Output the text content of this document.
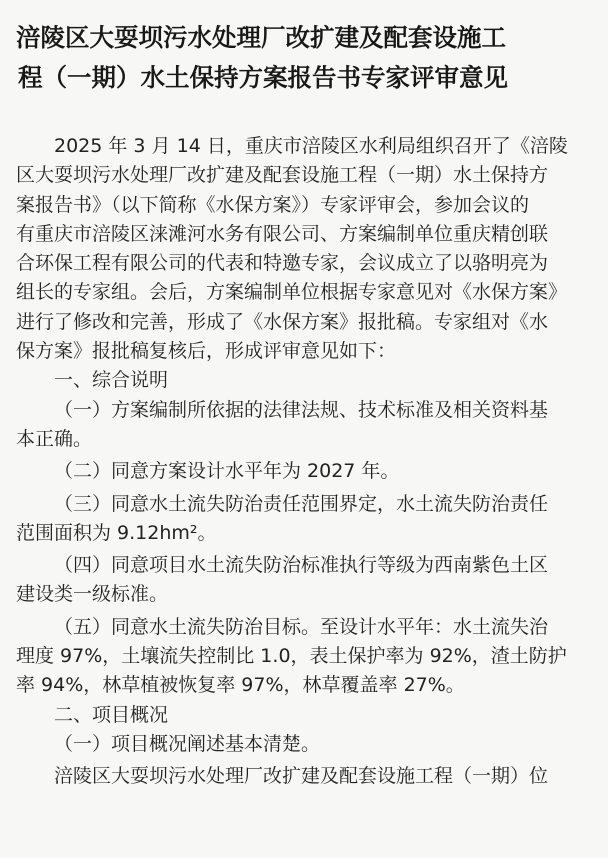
涪陵区大耍坝污水处理厂改扩建及配套设施工
程（一期）水土保持方案报告书专家评审意见
2025 年 3 月 14 日，重庆市涪陵区水利局组织召开了《涪陵
区大耍坝污水处理厂改扩建及配套设施工程（一期）水土保持方
案报告书》（以下简称《水保方案》）专家评审会，参加会议的
有重庆市涪陵区涞滩河水务有限公司、方案编制单位重庆精创联
合环保工程有限公司的代表和特邀专家，会议成立了以骆明亮为
组长的专家组。会后，方案编制单位根据专家意见对《水保方案》
进行了修改和完善，形成了《水保方案》报批稿。专家组对《水
保方案》报批稿复核后，形成评审意见如下：
一、综合说明
（一）方案编制所依据的法律法规、技术标准及相关资料基
本正确。
（二）同意方案设计水平年为 2027 年。
（三）同意水土流失防治责任范围界定，水土流失防治责任
范围面积为 9.12hm²。
（四）同意项目水土流失防治标准执行等级为西南紫色土区
建设类一级标准。
（五）同意水土流失防治目标。至设计水平年：水土流失治
理度 97%，土壤流失控制比 1.0，表土保护率为 92%，渣土防护
率 94%，林草植被恢复率 97%，林草覆盖率 27%。
二、项目概况
（一）项目概况阐述基本清楚。
涪陵区大耍坝污水处理厂改扩建及配套设施工程（一期）位
